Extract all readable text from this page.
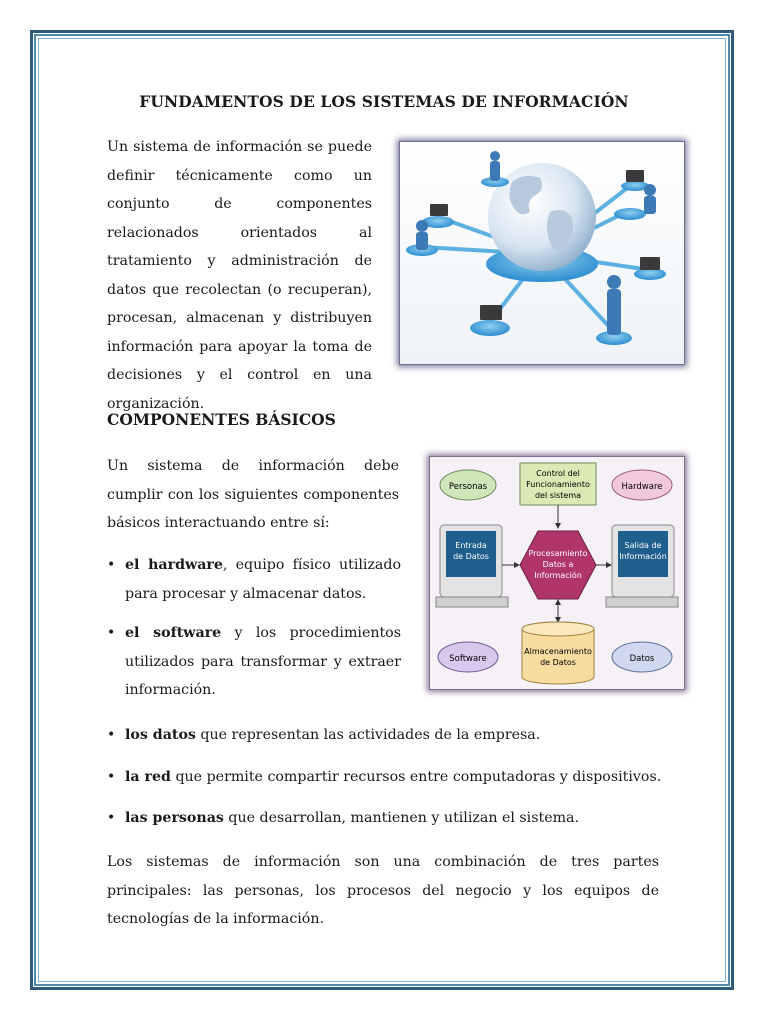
FUNDAMENTOS DE LOS SISTEMAS DE INFORMACIÓN
Un sistema de información se puede definir técnicamente como un conjunto de componentes relacionados orientados al tratamiento y administración de datos que recolectan (o recuperan), procesan, almacenan y distribuyen información para apoyar la toma de decisiones y el control en una organización.
COMPONENTES BÁSICOS
Un sistema de información debe cumplir con los siguientes componentes básicos interactuando entre sí:
• el hardware, equipo físico utilizado para procesar y almacenar datos.
• el software y los procedimientos utilizados para transformar y extraer información.
Personas
Control del
Funcionamiento
del sistema
Hardware
Entrada
de Datos	Procesamiento
Datos a
Información
Salida de
Información
Software
Almacenamiento
de Datos	Datos
• los datos que representan las actividades de la empresa.
• la red que permite compartir recursos entre computadoras y dispositivos.
• las personas que desarrollan, mantienen y utilizan el sistema.
Los sistemas de información son una combinación de tres partes principales: las personas, los procesos del negocio y los equipos de tecnologías de la información.
